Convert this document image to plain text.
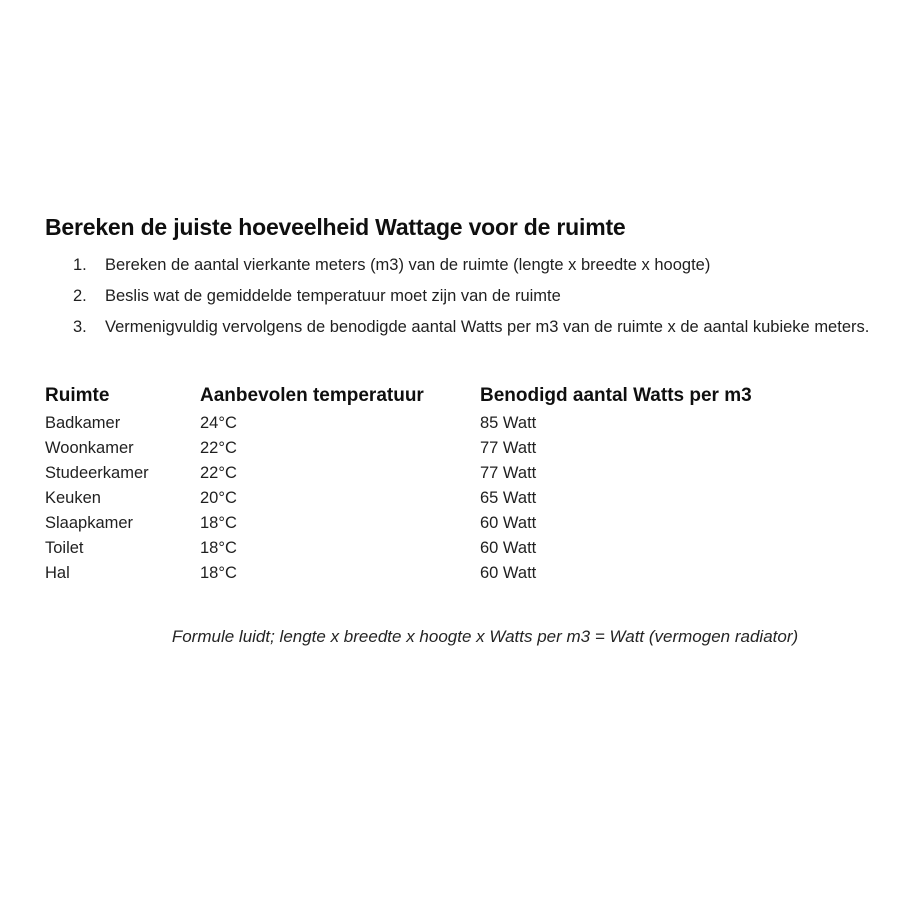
Bereken de juiste hoeveelheid Wattage voor de ruimte
1.	Bereken de aantal vierkante meters (m3) van de ruimte (lengte x breedte x hoogte)
2.	Beslis wat de gemiddelde temperatuur moet zijn van de ruimte
3.	Vermenigvuldig vervolgens de benodigde aantal Watts per m3 van de ruimte x de aantal kubieke meters.
Ruimte	Aanbevolen temperatuur	Benodigd aantal Watts per m3
Badkamer	24°C	85 Watt
Woonkamer	22°C	77 Watt
Studeerkamer	22°C	77 Watt
Keuken	20°C	65 Watt
Slaapkamer	18°C	60 Watt
Toilet	18°C	60 Watt
Hal	18°C	60 Watt
Formule luidt; lengte x breedte x hoogte x Watts per m3 = Watt (vermogen radiator)
